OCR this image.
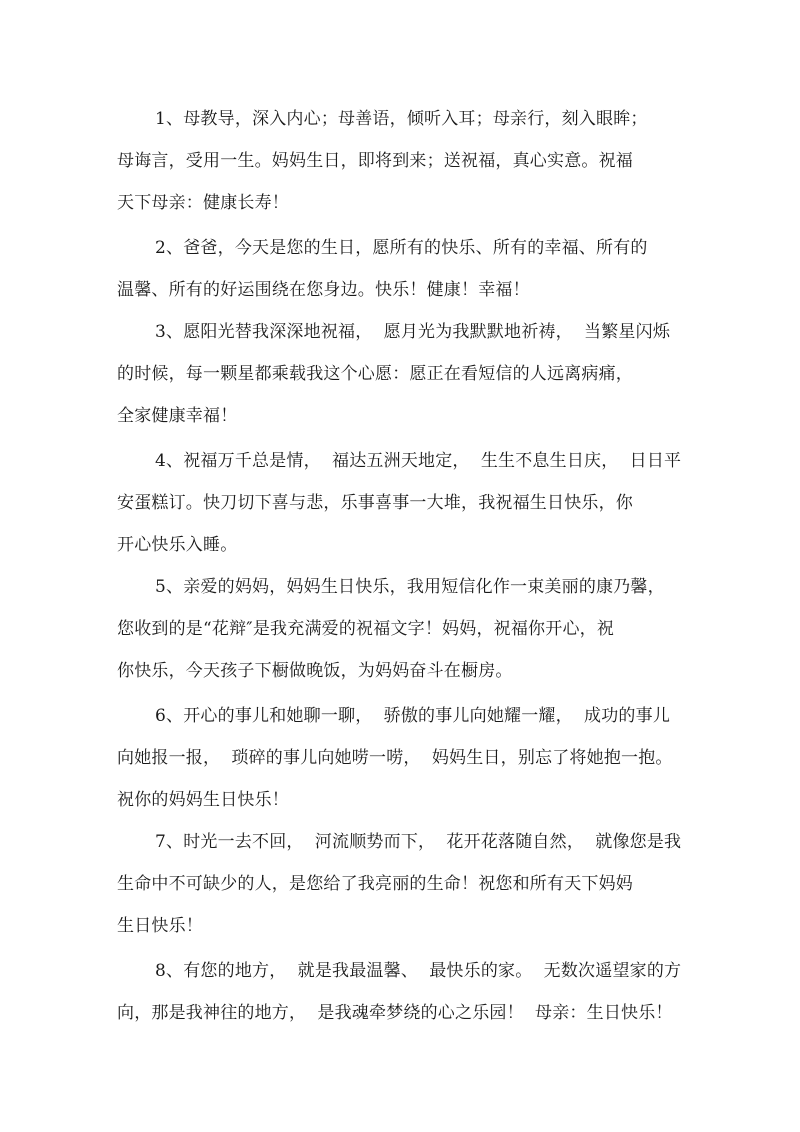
1、母教导，深入内心；母善语，倾听入耳；母亲行，刻入眼眸；
母诲言，受用一生。妈妈生日，即将到来；送祝福，真心实意。祝福
天下母亲：健康长寿！
2、爸爸，今天是您的生日，愿所有的快乐、所有的幸福、所有的
温馨、所有的好运围绕在您身边。快乐！健康！幸福！
3、愿阳光替我深深地祝福，  愿月光为我默默地祈祷，  当繁星闪烁
的时候，每一颗星都乘载我这个心愿：愿正在看短信的人远离病痛，
全家健康幸福！
4、祝福万千总是情，  福达五洲天地定，  生生不息生日庆，  日日平
安蛋糕订。快刀切下喜与悲，乐事喜事一大堆，我祝福生日快乐，你
开心快乐入睡。
5、亲爱的妈妈，妈妈生日快乐，我用短信化作一束美丽的康乃馨，
您收到的是“花辩″是我充满爱的祝福文字！妈妈，祝福你开心，祝
你快乐，今天孩子下橱做晚饭，为妈妈奋斗在橱房。
6、开心的事儿和她聊一聊，  骄傲的事儿向她耀一耀，  成功的事儿
向她报一报，  琐碎的事儿向她唠一唠，  妈妈生日，别忘了将她抱一抱。
祝你的妈妈生日快乐！
7、时光一去不回，  河流顺势而下，  花开花落随自然，  就像您是我
生命中不可缺少的人，是您给了我亮丽的生命！祝您和所有天下妈妈
生日快乐！
8、有您的地方，  就是我最温馨、  最快乐的家。  无数次遥望家的方
向，那是我神往的地方，  是我魂牵梦绕的心之乐园！  母亲：生日快乐！
